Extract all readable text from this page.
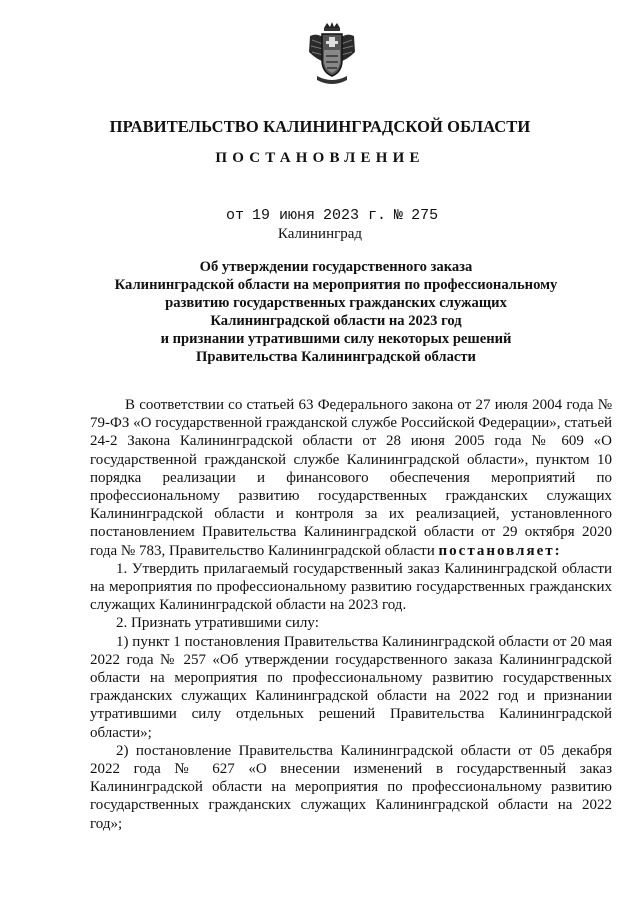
ПРАВИТЕЛЬСТВО КАЛИНИНГРАДСКОЙ ОБЛАСТИ
ПОСТАНОВЛЕНИЕ
от 19 июня 2023 г. № 275
Калининград
Об утверждении государственного заказа
Калининградской области на мероприятия по профессиональному
развитию государственных гражданских служащих
Калининградской области на 2023 год
и признании утратившими силу некоторых решений
Правительства Калининградской области

В соответствии со статьей 63 Федерального закона от 27 июля 2004 года № 79-ФЗ «О государственной гражданской службе Российской Федерации», статьей 24-2 Закона Калининградской области от 28 июня 2005 года № 609 «О государственной гражданской службе Калининградской области», пунктом 10 порядка реализации и финансового обеспечения мероприятий по профессиональному развитию государственных гражданских служащих Калининградской области и контроля за их реализацией, установленного постановлением Правительства Калининградской области от 29 октября 2020 года № 783, Правительство Калининградской области постановляет:

1. Утвердить прилагаемый государственный заказ Калининградской области на мероприятия по профессиональному развитию государственных гражданских служащих Калининградской области на 2023 год.

2. Признать утратившими силу:

1) пункт 1 постановления Правительства Калининградской области от 20 мая 2022 года № 257 «Об утверждении государственного заказа Калининградской области на мероприятия по профессиональному развитию государственных гражданских служащих Калининградской области на 2022 год и признании утратившими силу отдельных решений Правительства Калининградской области»;

2) постановление Правительства Калининградской области от 05 декабря 2022 года № 627 «О внесении изменений в государственный заказ Калининградской области на мероприятия по профессиональному развитию государственных гражданских служащих Калининградской области на 2022 год»;
